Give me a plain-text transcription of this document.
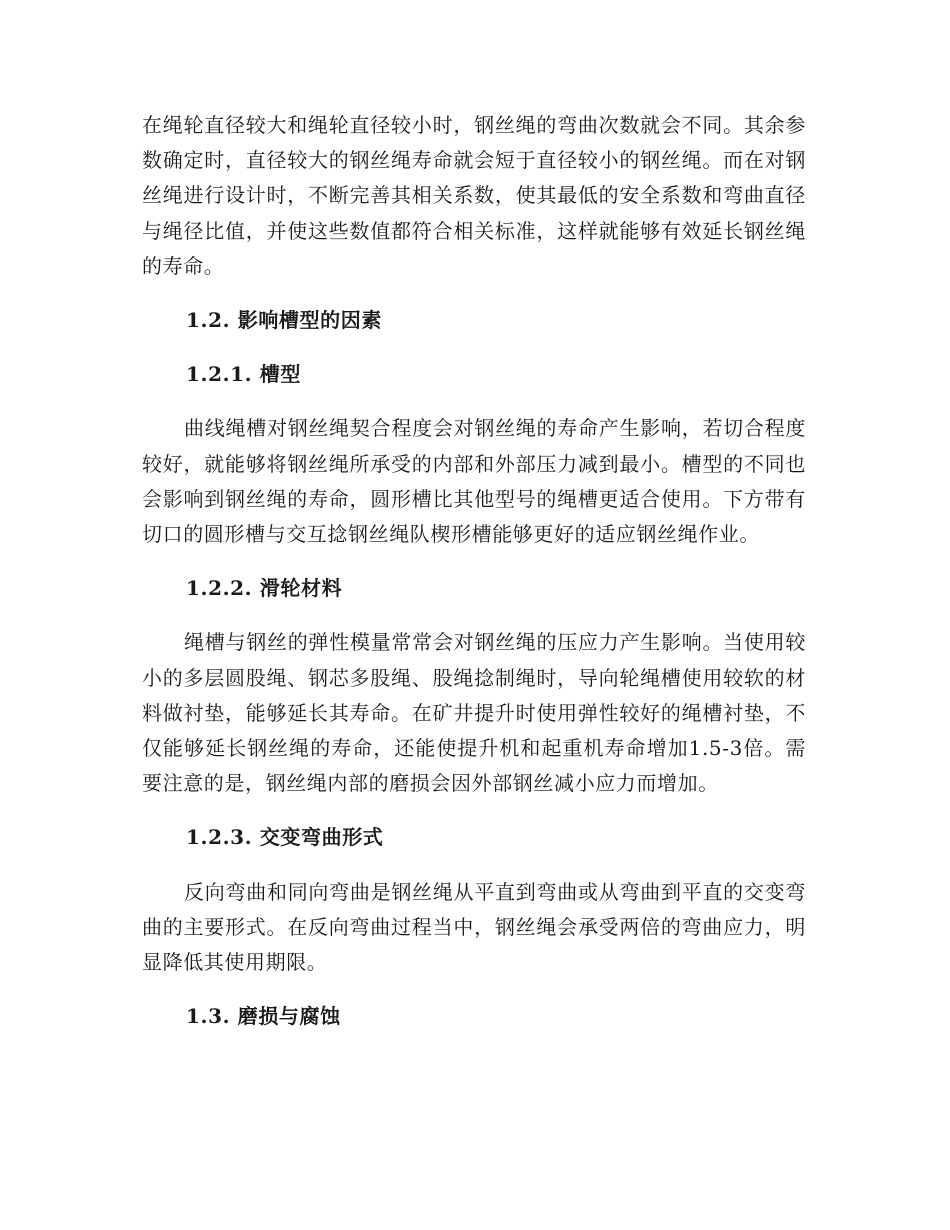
在绳轮直径较大和绳轮直径较小时，钢丝绳的弯曲次数就会不同。其余参数确定时，直径较大的钢丝绳寿命就会短于直径较小的钢丝绳。而在对钢丝绳进行设计时，不断完善其相关系数，使其最低的安全系数和弯曲直径与绳径比值，并使这些数值都符合相关标准，这样就能够有效延长钢丝绳的寿命。

1.2. 影响槽型的因素
1.2.1. 槽型

曲线绳槽对钢丝绳契合程度会对钢丝绳的寿命产生影响，若切合程度较好，就能够将钢丝绳所承受的内部和外部压力减到最小。槽型的不同也会影响到钢丝绳的寿命，圆形槽比其他型号的绳槽更适合使用。下方带有切口的圆形槽与交互捻钢丝绳队楔形槽能够更好的适应钢丝绳作业。

1.2.2. 滑轮材料

绳槽与钢丝的弹性模量常常会对钢丝绳的压应力产生影响。当使用较小的多层圆股绳、钢芯多股绳、股绳捻制绳时，导向轮绳槽使用较软的材料做衬垫，能够延长其寿命。在矿井提升时使用弹性较好的绳槽衬垫，不仅能够延长钢丝绳的寿命，还能使提升机和起重机寿命增加1.5-3倍。需要注意的是，钢丝绳内部的磨损会因外部钢丝减小应力而增加。

1.2.3. 交变弯曲形式

反向弯曲和同向弯曲是钢丝绳从平直到弯曲或从弯曲到平直的交变弯曲的主要形式。在反向弯曲过程当中，钢丝绳会承受两倍的弯曲应力，明显降低其使用期限。

1.3. 磨损与腐蚀
